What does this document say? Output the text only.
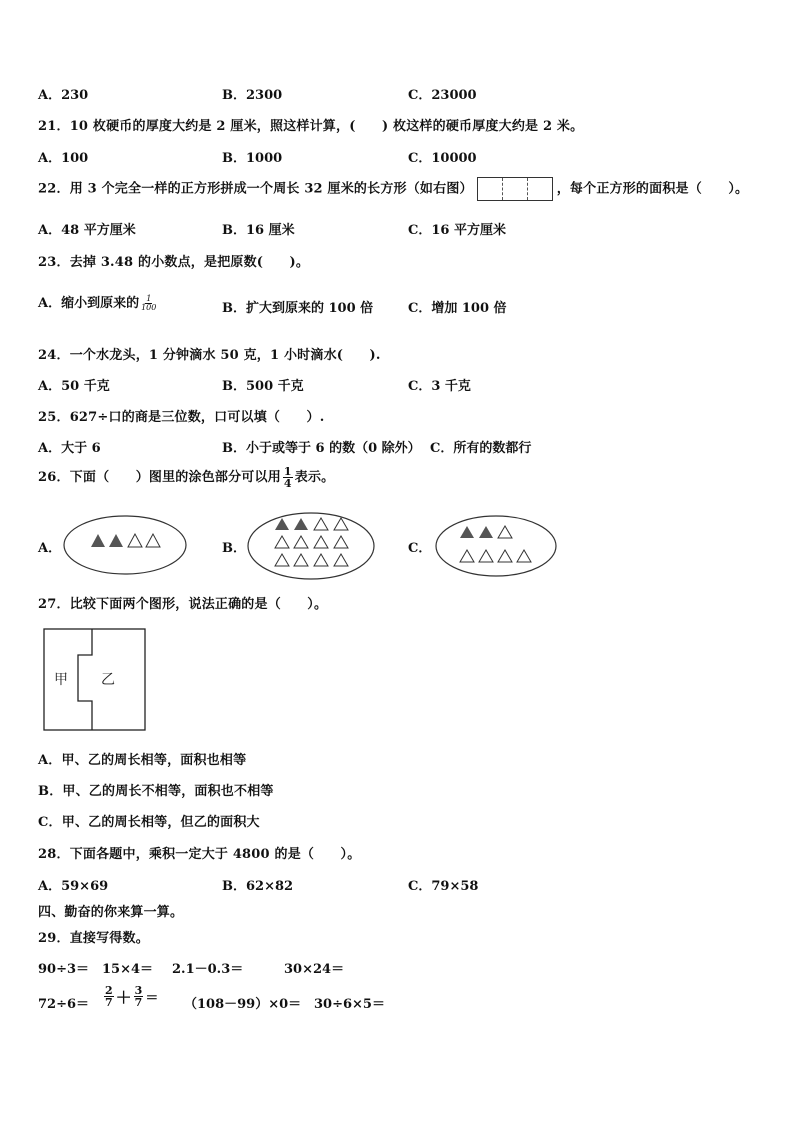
A．230	B．2300	C．23000
21．10 枚硬币的厚度大约是 2 厘米，照这样计算，(　　) 枚这样的硬币厚度大约是 2 米。
A．100	B．1000	C．10000
22．用 3 个完全一样的正方形拼成一个周长 32 厘米的长方形（如右图）	，每个正方形的面积是（　　）。
A．48 平方厘米	B．16 厘米	C．16 平方厘米
23．去掉 3.48 的小数点，是把原数(　　)。
A．缩小到原来的 $\frac{1}{100}$	B．扩大到原来的 100 倍	C．增加 100 倍
24．一个水龙头，1 分钟滴水 50 克，1 小时滴水(　　).
A．50 千克	B．500 千克	C．3 千克
25．627÷口的商是三位数，口可以填（　　）.
A．大于 6	B．小于或等于 6 的数（0 除外） C．所有的数都行
26．下面（　　）图里的涂色部分可以用 $\frac{1}{4}$ 表示。
A．	B．	C．
27．比较下面两个图形，说法正确的是（　　）。
甲 乙
A．甲、乙的周长相等，面积也相等
B．甲、乙的周长不相等，面积也不相等
C．甲、乙的周长相等，但乙的面积大
28．下面各题中，乘积一定大于 4800 的是（　　）。
A．59×69	B．62×82	C．79×58
四、勤奋的你来算一算。
29．直接写得数。
90÷3＝ 15×4＝ 2.1－0.3＝	30×24＝
$72\div 6= \frac{2}{7} + \frac{3}{7} = (108-99)\times 0= 30\div 6\times 5=$
